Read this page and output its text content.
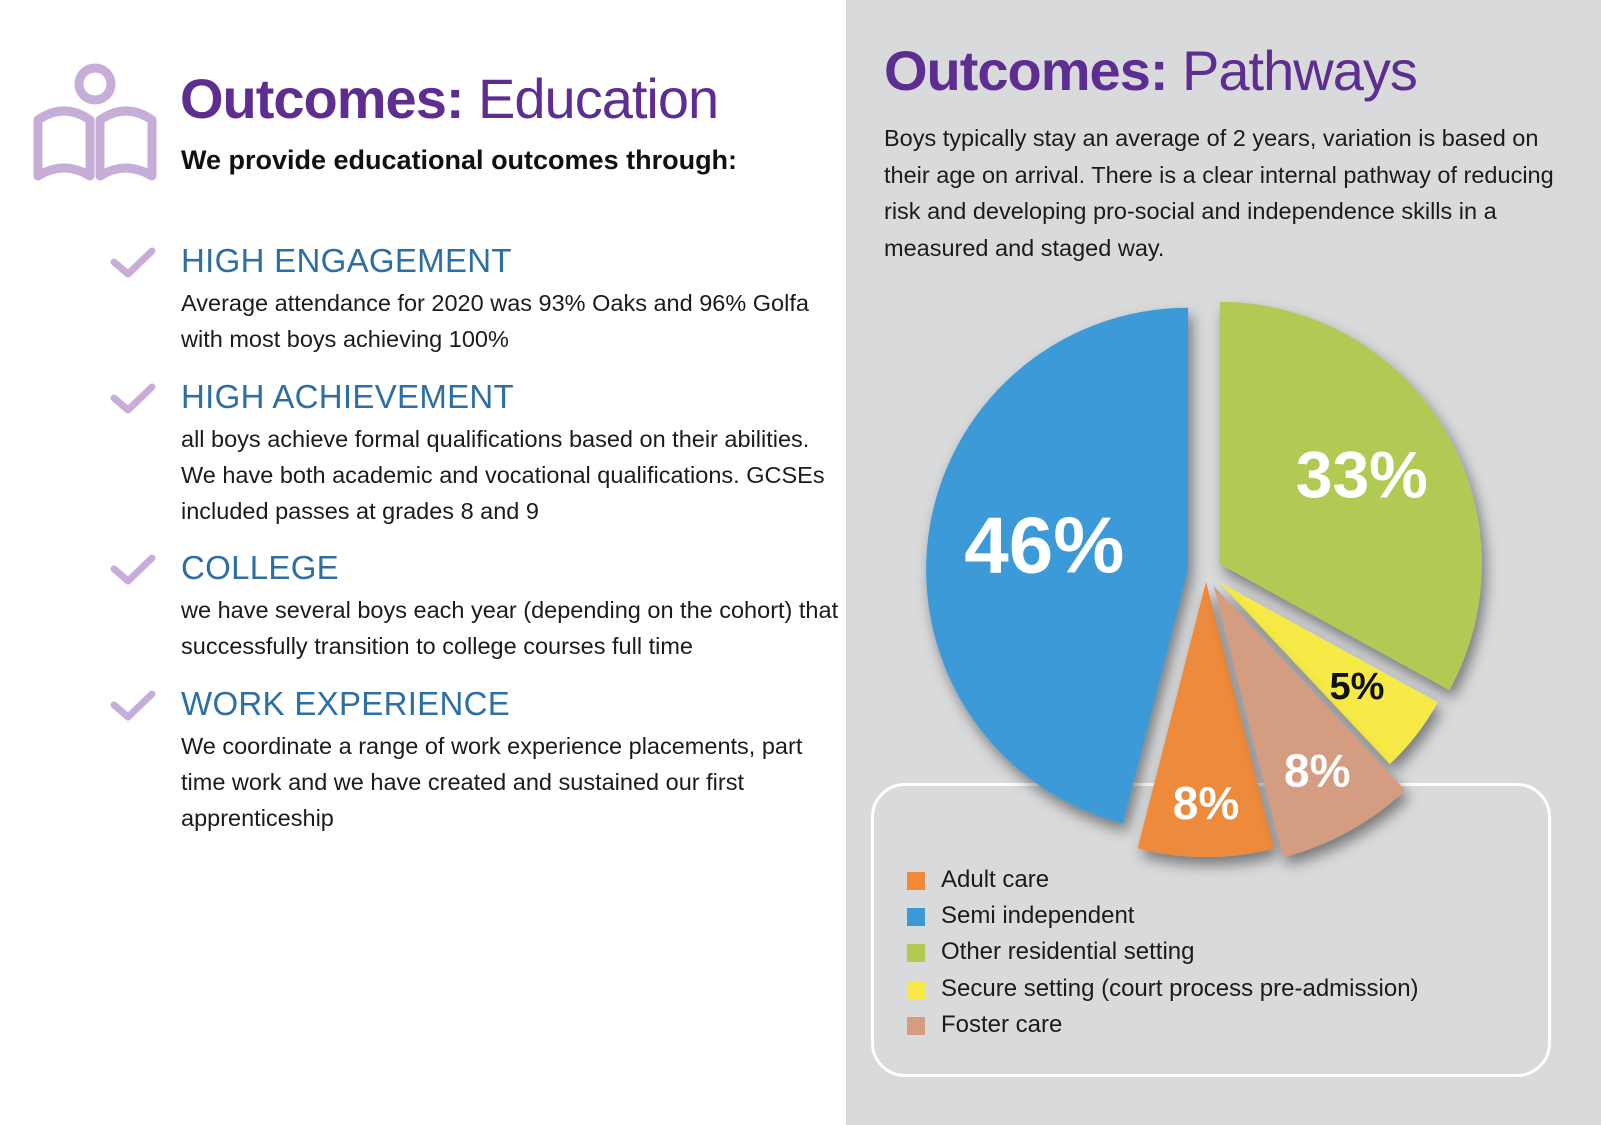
Outcomes: Education
We provide educational outcomes through:
HIGH ENGAGEMENT
Average attendance for 2020 was 93% Oaks and 96% Golfa with most boys achieving 100%
HIGH ACHIEVEMENT
all boys achieve formal qualifications based on their abilities. We have both academic and vocational qualifications. GCSEs included passes at grades 8 and 9
COLLEGE
we have several boys each year (depending on the cohort) that successfully transition to college courses full time
WORK EXPERIENCE
We coordinate a range of work experience placements, part time work and we have created and sustained our first apprenticeship
Outcomes: Pathways
Boys typically stay an average of 2 years, variation is based on their age on arrival. There is a clear internal pathway of reducing risk and developing pro-social and independence skills in a measured and staged way.
8%
46%
33%
5%
8%
Adult care
Semi independent
Other residential setting
Secure setting (court process pre-admission)
Foster care
